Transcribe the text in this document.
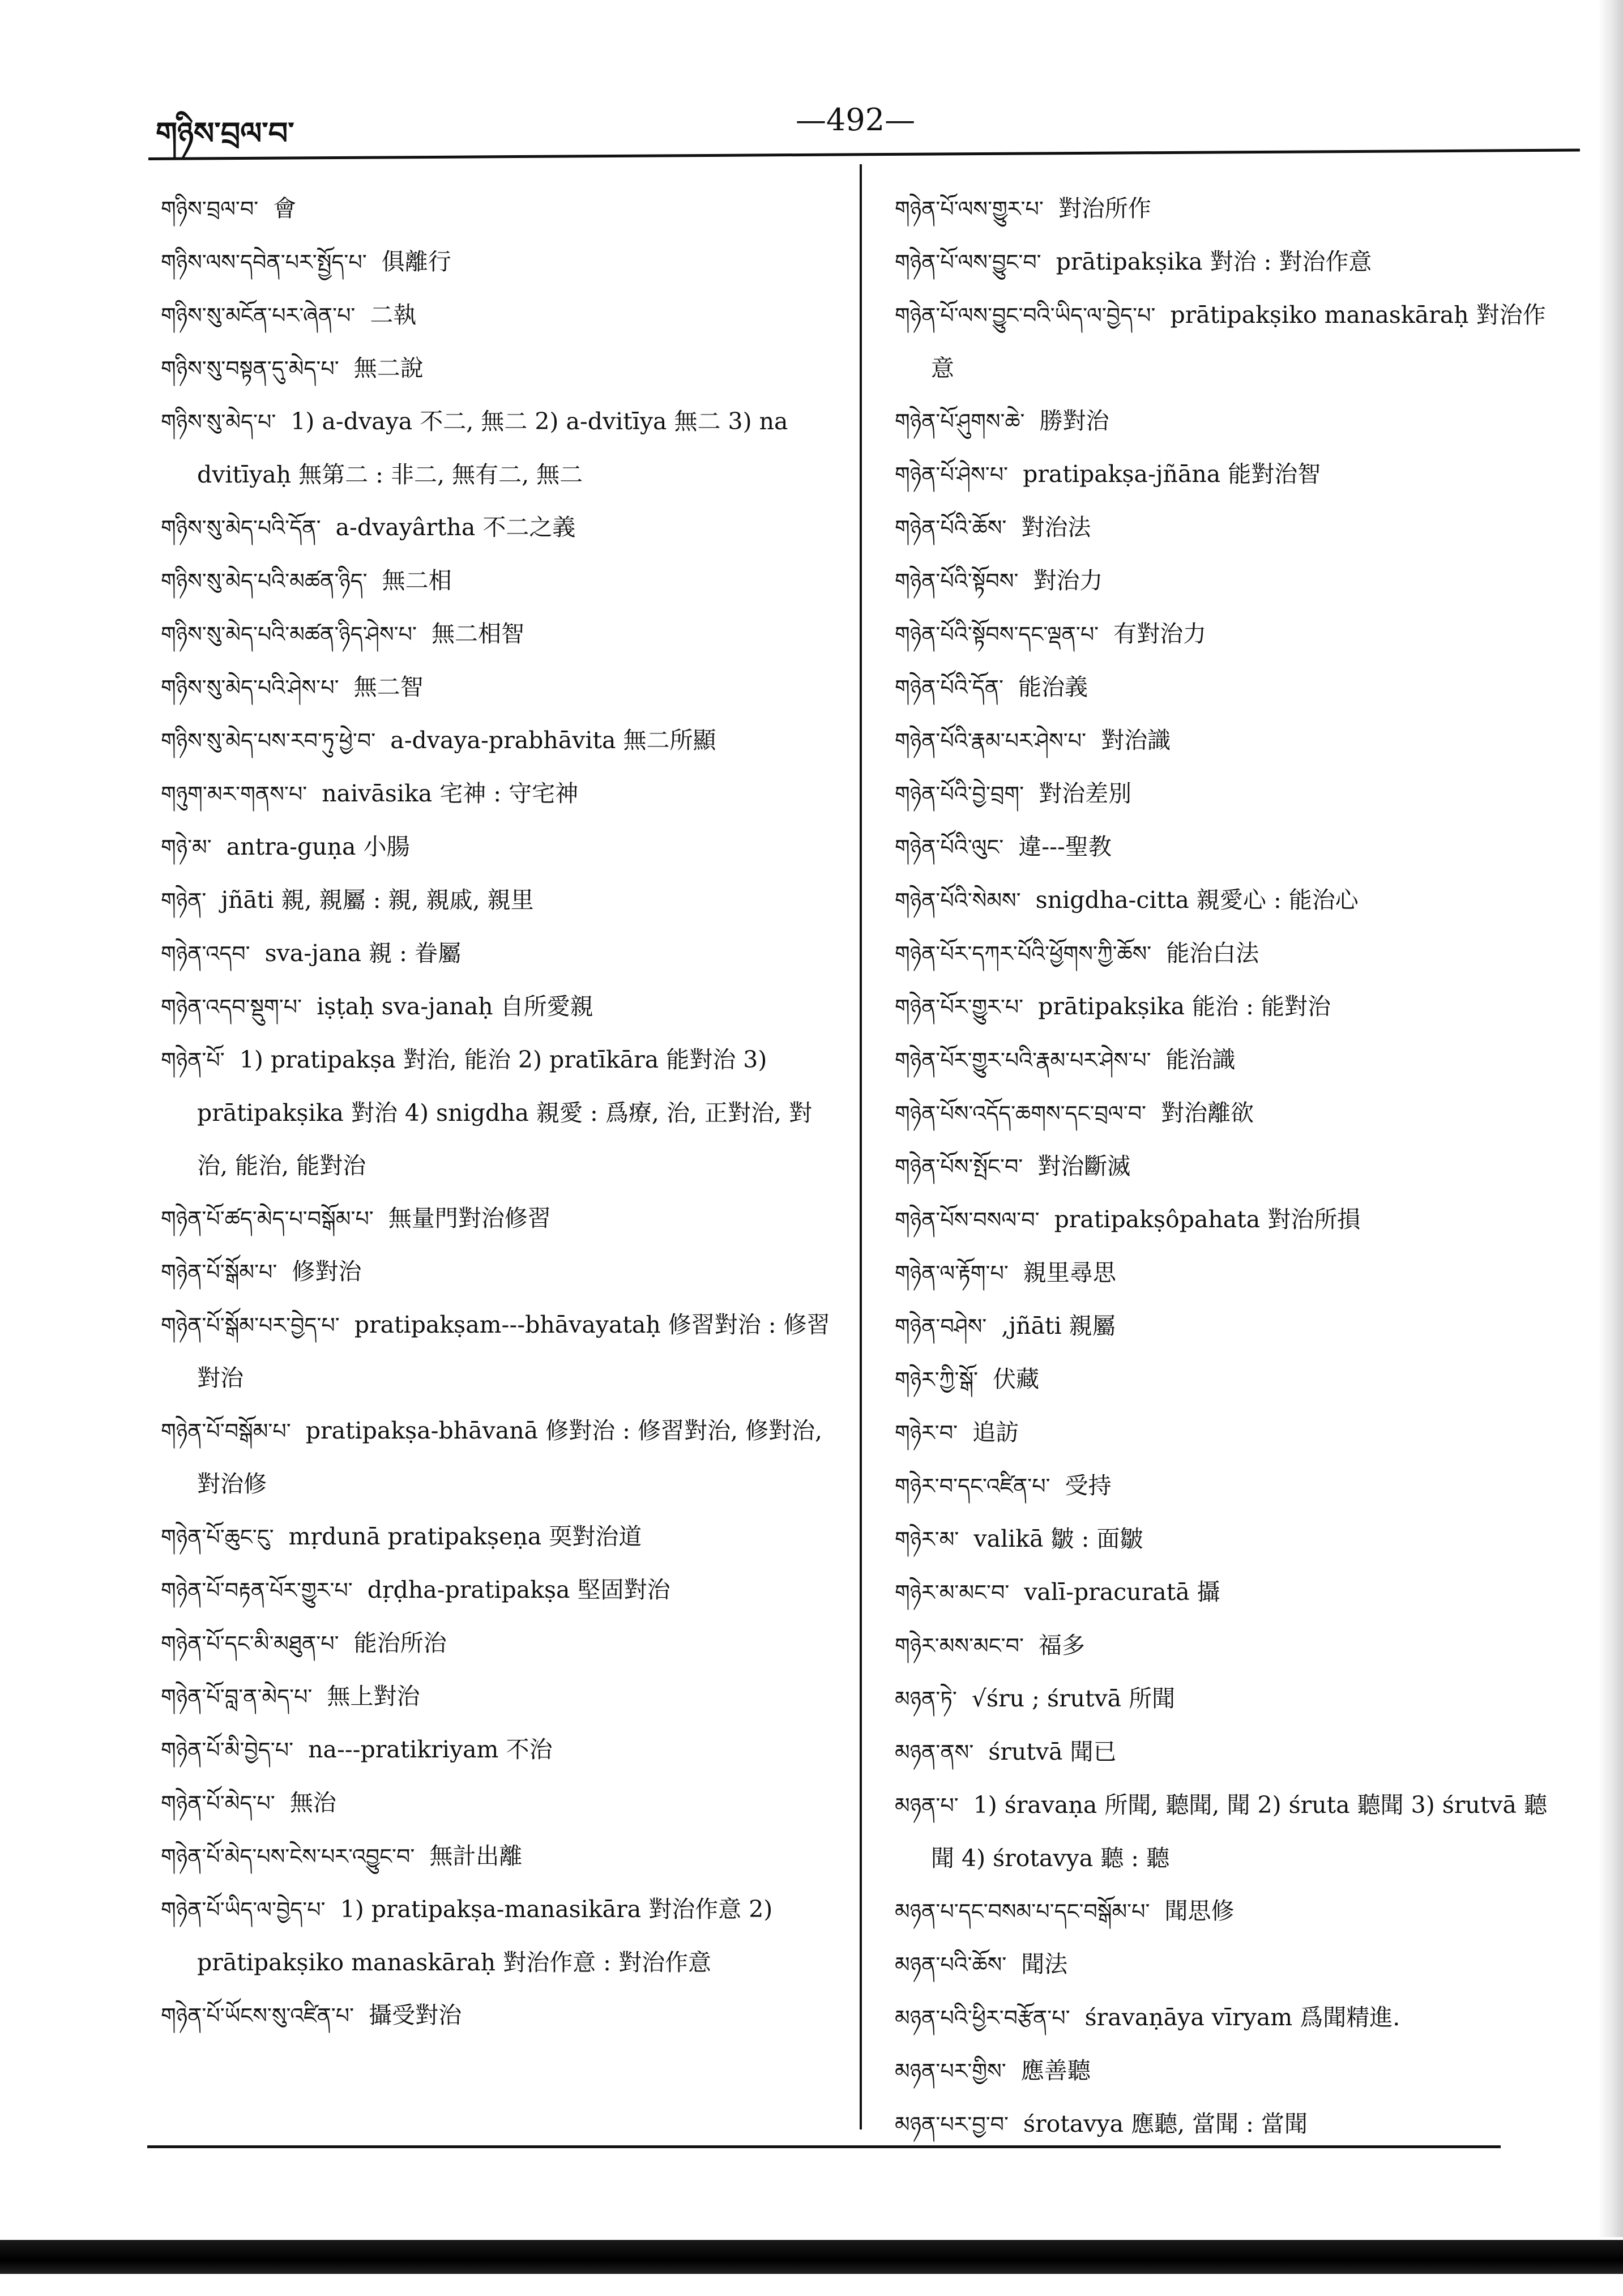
གཉིས་བྲལ་བ་	—492—

གཉིས་བྲལ་བ་ 會

གཉིས་ལས་དབེན་པར་སྤྱོད་པ་ 俱離行

གཉིས་སུ་མངོན་པར་ཞེན་པ་ 二執

གཉིས་སུ་བསྟན་དུ་མེད་པ་ 無二說

གཉིས་སུ་མེད་པ་ 1) a-dvaya 不二, 無二 2) a-dvitīya 無二 3) na dvitīyaḥ 無第二 : 非二, 無有二, 無二

གཉིས་སུ་མེད་པའི་དོན་ a-dvayârtha 不二之義

གཉིས་སུ་མེད་པའི་མཚན་ཉིད་ 無二相

གཉིས་སུ་མེད་པའི་མཚན་ཉིད་ཤེས་པ་ 無二相智

གཉིས་སུ་མེད་པའི་ཤེས་པ་ 無二智

གཉིས་སུ་མེད་པས་རབ་ཏུ་ཕྱེ་བ་ a-dvaya-prabhāvita 無二所顯

གཉུག་མར་གནས་པ་ naivāsika 宅神 : 守宅神

གཉེ་མ་ antra-guṇa 小腸

གཉེན་ jñāti 親, 親屬 : 親, 親戚, 親里

གཉེན་འདབ་ sva-jana 親 : 眷屬

གཉེན་འདབ་སྡུག་པ་ iṣṭaḥ sva-janaḥ 自所愛親

གཉེན་པོ་ 1) pratipakṣa 對治, 能治 2) pratīkāra 能對治 3) prātipakṣika 對治 4) snigdha 親愛 : 爲療, 治, 正對治, 對治, 能治, 能對治

གཉེན་པོ་ཚད་མེད་པ་བསྒོམ་པ་ 無量門對治修習

གཉེན་པོ་སྒོམ་པ་ 修對治

གཉེན་པོ་སྒོམ་པར་བྱེད་པ་ pratipakṣam---bhāvayataḥ 修習對治 : 修習對治

གཉེན་པོ་བསྒོམ་པ་ pratipakṣa-bhāvanā 修對治 : 修習對治, 修對治, 對治修

གཉེན་པོ་ཆུང་ངུ་ mṛdunā pratipakṣeṇa 耎對治道

གཉེན་པོ་བརྟན་པོར་གྱུར་པ་ dṛḍha-pratipakṣa 堅固對治

གཉེན་པོ་དང་མི་མཐུན་པ་ 能治所治

གཉེན་པོ་བླ་ན་མེད་པ་ 無上對治

གཉེན་པོ་མི་བྱེད་པ་ na---pratikriyam 不治

གཉེན་པོ་མེད་པ་ 無治

གཉེན་པོ་མེད་པས་ངེས་པར་འབྱུང་བ་ 無計出離

གཉེན་པོ་ཡིད་ལ་བྱེད་པ་ 1) pratipakṣa-manasikāra 對治作意 2) prātipakṣiko manaskāraḥ 對治作意 : 對治作意

གཉེན་པོ་ཡོངས་སུ་འཛིན་པ་ 攝受對治

གཉེན་པོ་ལས་གྱུར་པ་ 對治所作

གཉེན་པོ་ལས་བྱུང་བ་ prātipakṣika 對治 : 對治作意

གཉེན་པོ་ལས་བྱུང་བའི་ཡིད་ལ་བྱེད་པ་ prātipakṣiko manaskāraḥ 對治作意

གཉེན་པོ་ཤུགས་ཆེ་ 勝對治

གཉེན་པོ་ཤེས་པ་ pratipakṣa-jñāna 能對治智

གཉེན་པོའི་ཆོས་ 對治法

གཉེན་པོའི་སྟོབས་ 對治力

གཉེན་པོའི་སྟོབས་དང་ལྡན་པ་ 有對治力

གཉེན་པོའི་དོན་ 能治義

གཉེན་པོའི་རྣམ་པར་ཤེས་པ་ 對治識

གཉེན་པོའི་བྱེ་བྲག་ 對治差別

གཉེན་པོའི་ལུང་ 違---聖教

གཉེན་པོའི་སེམས་ snigdha-citta 親愛心 : 能治心

གཉེན་པོར་དཀར་པོའི་ཕྱོགས་ཀྱི་ཆོས་ 能治白法

གཉེན་པོར་གྱུར་པ་ prātipakṣika 能治 : 能對治

གཉེན་པོར་གྱུར་པའི་རྣམ་པར་ཤེས་པ་ 能治識

གཉེན་པོས་འདོད་ཆགས་དང་བྲལ་བ་ 對治離欲

གཉེན་པོས་སྤོང་བ་ 對治斷滅

གཉེན་པོས་བསལ་བ་ pratipakṣôpahata 對治所損

གཉེན་ལ་རྟོག་པ་ 親里尋思

གཉེན་བཤེས་ ,jñāti 親屬

གཉེར་ཀྱི་སྒོ་ 伏藏

གཉེར་བ་ 追訪

གཉེར་བ་དང་འཛིན་པ་ 受持

གཉེར་མ་ valikā 皺 : 面皺

གཉེར་མ་མང་བ་ valī-pracuratā 攝

གཉེར་མས་མང་བ་ 福多

མཉན་ཏེ་ √śru ; śrutvā 所聞

མཉན་ནས་ śrutvā 聞已

མཉན་པ་ 1) śravaṇa 所聞, 聽聞, 聞 2) śruta 聽聞 3) śrutvā 聽聞 4) śrotavya 聽 : 聽

མཉན་པ་དང་བསམ་པ་དང་བསྒོམ་པ་ 聞思修

མཉན་པའི་ཆོས་ 聞法

མཉན་པའི་ཕྱིར་བརྩོན་པ་ śravaṇāya vīryam 爲聞精進.

མཉན་པར་གྱིས་ 應善聽

མཉན་པར་བྱ་བ་ śrotavya 應聽, 當聞 : 當聞
